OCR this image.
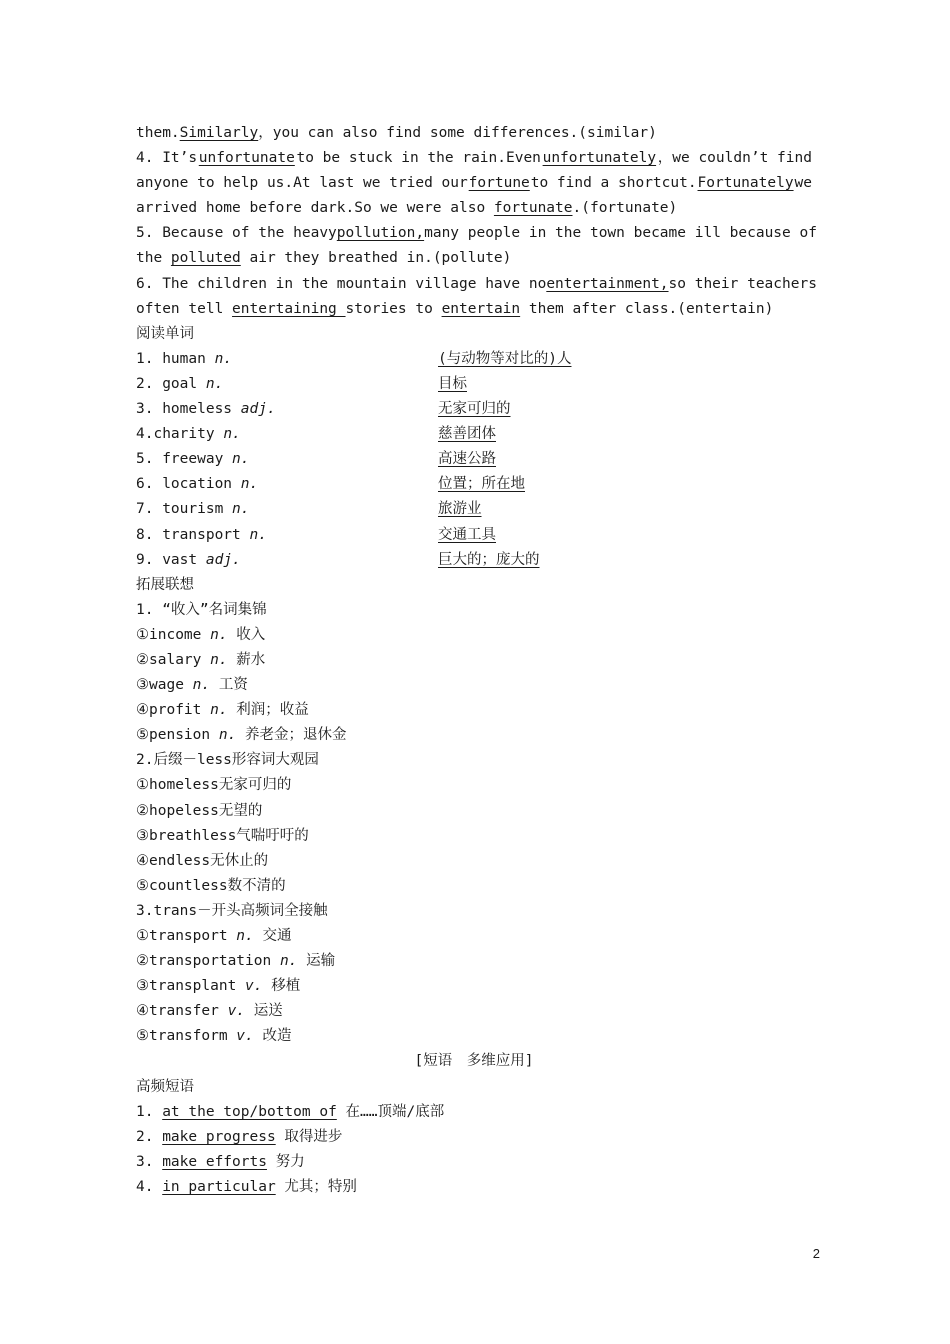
them.Similarly，you can also find some differences.(similar)
4. It’s unfortunate to be stuck in the rain.Even unfortunately ，we couldn’t find
anyone to help us.At last we tried our fortune to find a shortcut. Fortunately we
arrived home before dark.So we were also fortunate.(fortunate)
5. Because of the heavy pollution, many people in the town became ill because of
the polluted air they breathed in.(pollute)
6. The children in the mountain village have no entertainment, so their teachers
often tell entertaining stories to entertain them after class.(entertain)
阅读单词
1. human n.	(与动物等对比的)人
2. goal n.	目标
3. homeless adj.	无家可归的
4.charity n.	慈善团体
5. freeway n.	高速公路
6. location n.	位置；所在地
7. tourism n.	旅游业
8. transport n.	交通工具
9. vast adj.	巨大的；庞大的
拓展联想
1. “收入”名词集锦
①income n. 收入
②salary n. 薪水
③wage n. 工资
④profit n. 利润；收益
⑤pension n. 养老金；退休金
2.后缀－less形容词大观园
①homeless无家可归的
②hopeless无望的
③breathless气喘吁吁的
④endless无休止的
⑤countless数不清的
3.trans－开头高频词全接触
①transport n. 交通
②transportation n. 运输
③transplant v. 移植
④transfer v. 运送
⑤transform v. 改造
[短语　多维应用]
高频短语
1. at the top/bottom of 在……顶端/底部
2. make progress 取得进步
3. make efforts 努力
4. in particular 尤其；特别
2
